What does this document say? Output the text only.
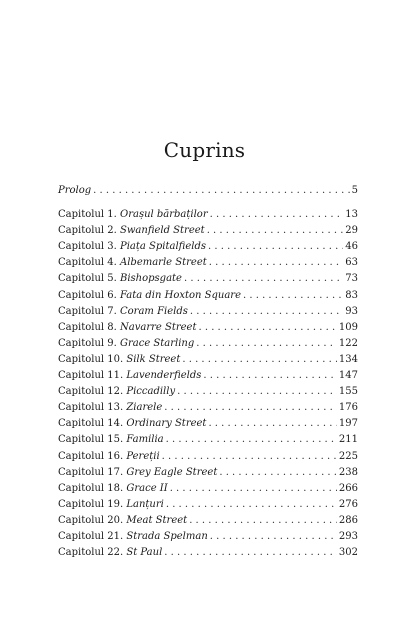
Cuprins
Prolog . . .	5
Capitolul 1. Orașul bărbaților . . .	13
Capitolul 2. Swanfield Street . . .	29
Capitolul 3. Piața Spitalfields . . .	46
Capitolul 4. Albemarle Street . . .	63
Capitolul 5. Bishopsgate . . .	73
Capitolul 6. Fata din Hoxton Square . . .	83
Capitolul 7. Coram Fields . . .	93
Capitolul 8. Navarre Street . . .	109
Capitolul 9. Grace Starling . . .	122
Capitolul 10. Silk Street . . .	134
Capitolul 11. Lavenderfields . . .	147
Capitolul 12. Piccadilly . . .	155
Capitolul 13. Ziarele . . .	176
Capitolul 14. Ordinary Street . . .	197
Capitolul 15. Familia . . .	211
Capitolul 16. Pereții . . .	225
Capitolul 17. Grey Eagle Street . . .	238
Capitolul 18. Grace II . . .	266
Capitolul 19. Lanțuri . . .	276
Capitolul 20. Meat Street . . .	286
Capitolul 21. Strada Spelman . . .	293
Capitolul 22. St Paul . . .	302
